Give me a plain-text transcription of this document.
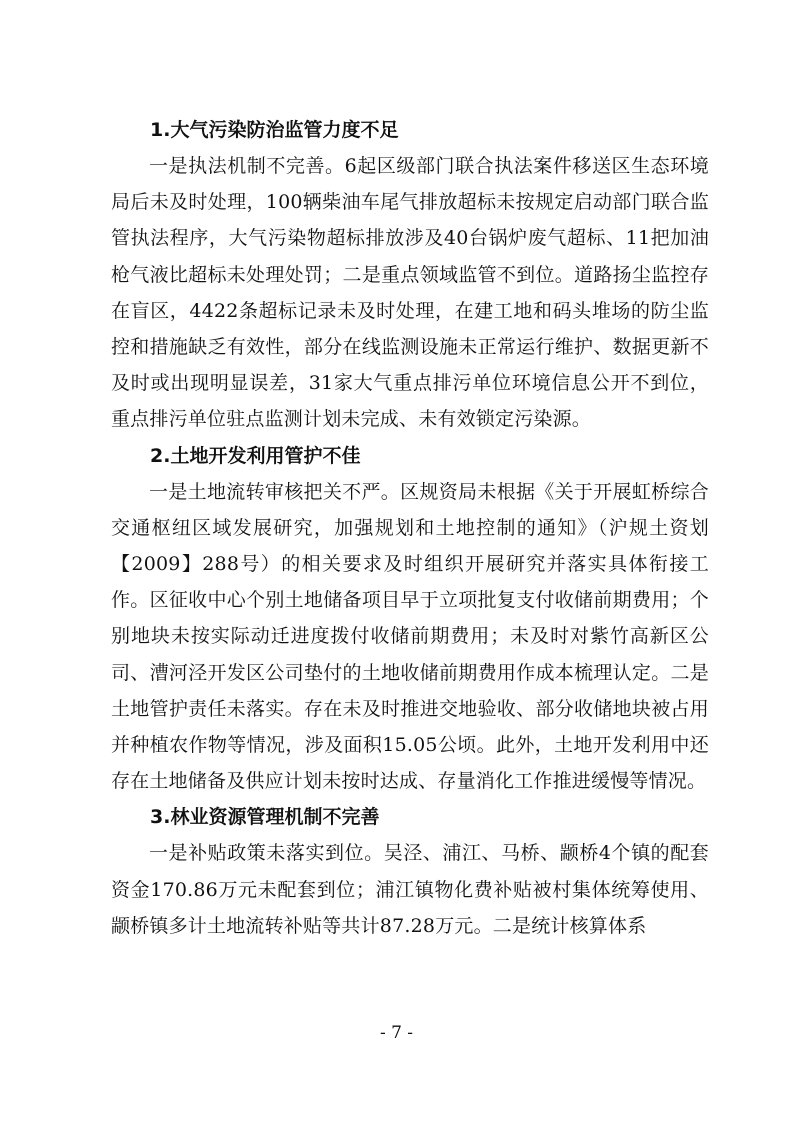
1.大气污染防治监管力度不足

一是执法机制不完善。6起区级部门联合执法案件移送区生态环境局后未及时处理，100辆柴油车尾气排放超标未按规定启动部门联合监管执法程序，大气污染物超标排放涉及40台锅炉废气超标、11把加油枪气液比超标未处理处罚；二是重点领域监管不到位。道路扬尘监控存在盲区，4422条超标记录未及时处理，在建工地和码头堆场的防尘监控和措施缺乏有效性，部分在线监测设施未正常运行维护、数据更新不及时或出现明显误差，31家大气重点排污单位环境信息公开不到位，重点排污单位驻点监测计划未完成、未有效锁定污染源。

2.土地开发利用管护不佳

一是土地流转审核把关不严。区规资局未根据《关于开展虹桥综合交通枢纽区域发展研究，加强规划和土地控制的通知》（沪规土资划【2009】288号）的相关要求及时组织开展研究并落实具体衔接工作。区征收中心个别土地储备项目早于立项批复支付收储前期费用；个别地块未按实际动迁进度拨付收储前期费用；未及时对紫竹高新区公司、漕河泾开发区公司垫付的土地收储前期费用作成本梳理认定。二是土地管护责任未落实。存在未及时推进交地验收、部分收储地块被占用并种植农作物等情况，涉及面积15.05公顷。此外，土地开发利用中还存在土地储备及供应计划未按时达成、存量消化工作推进缓慢等情况。

3.林业资源管理机制不完善

一是补贴政策未落实到位。吴泾、浦江、马桥、颛桥4个镇的配套资金170.86万元未配套到位；浦江镇物化费补贴被村集体统筹使用、颛桥镇多计土地流转补贴等共计87.28万元。二是统计核算体系

- 7 -
